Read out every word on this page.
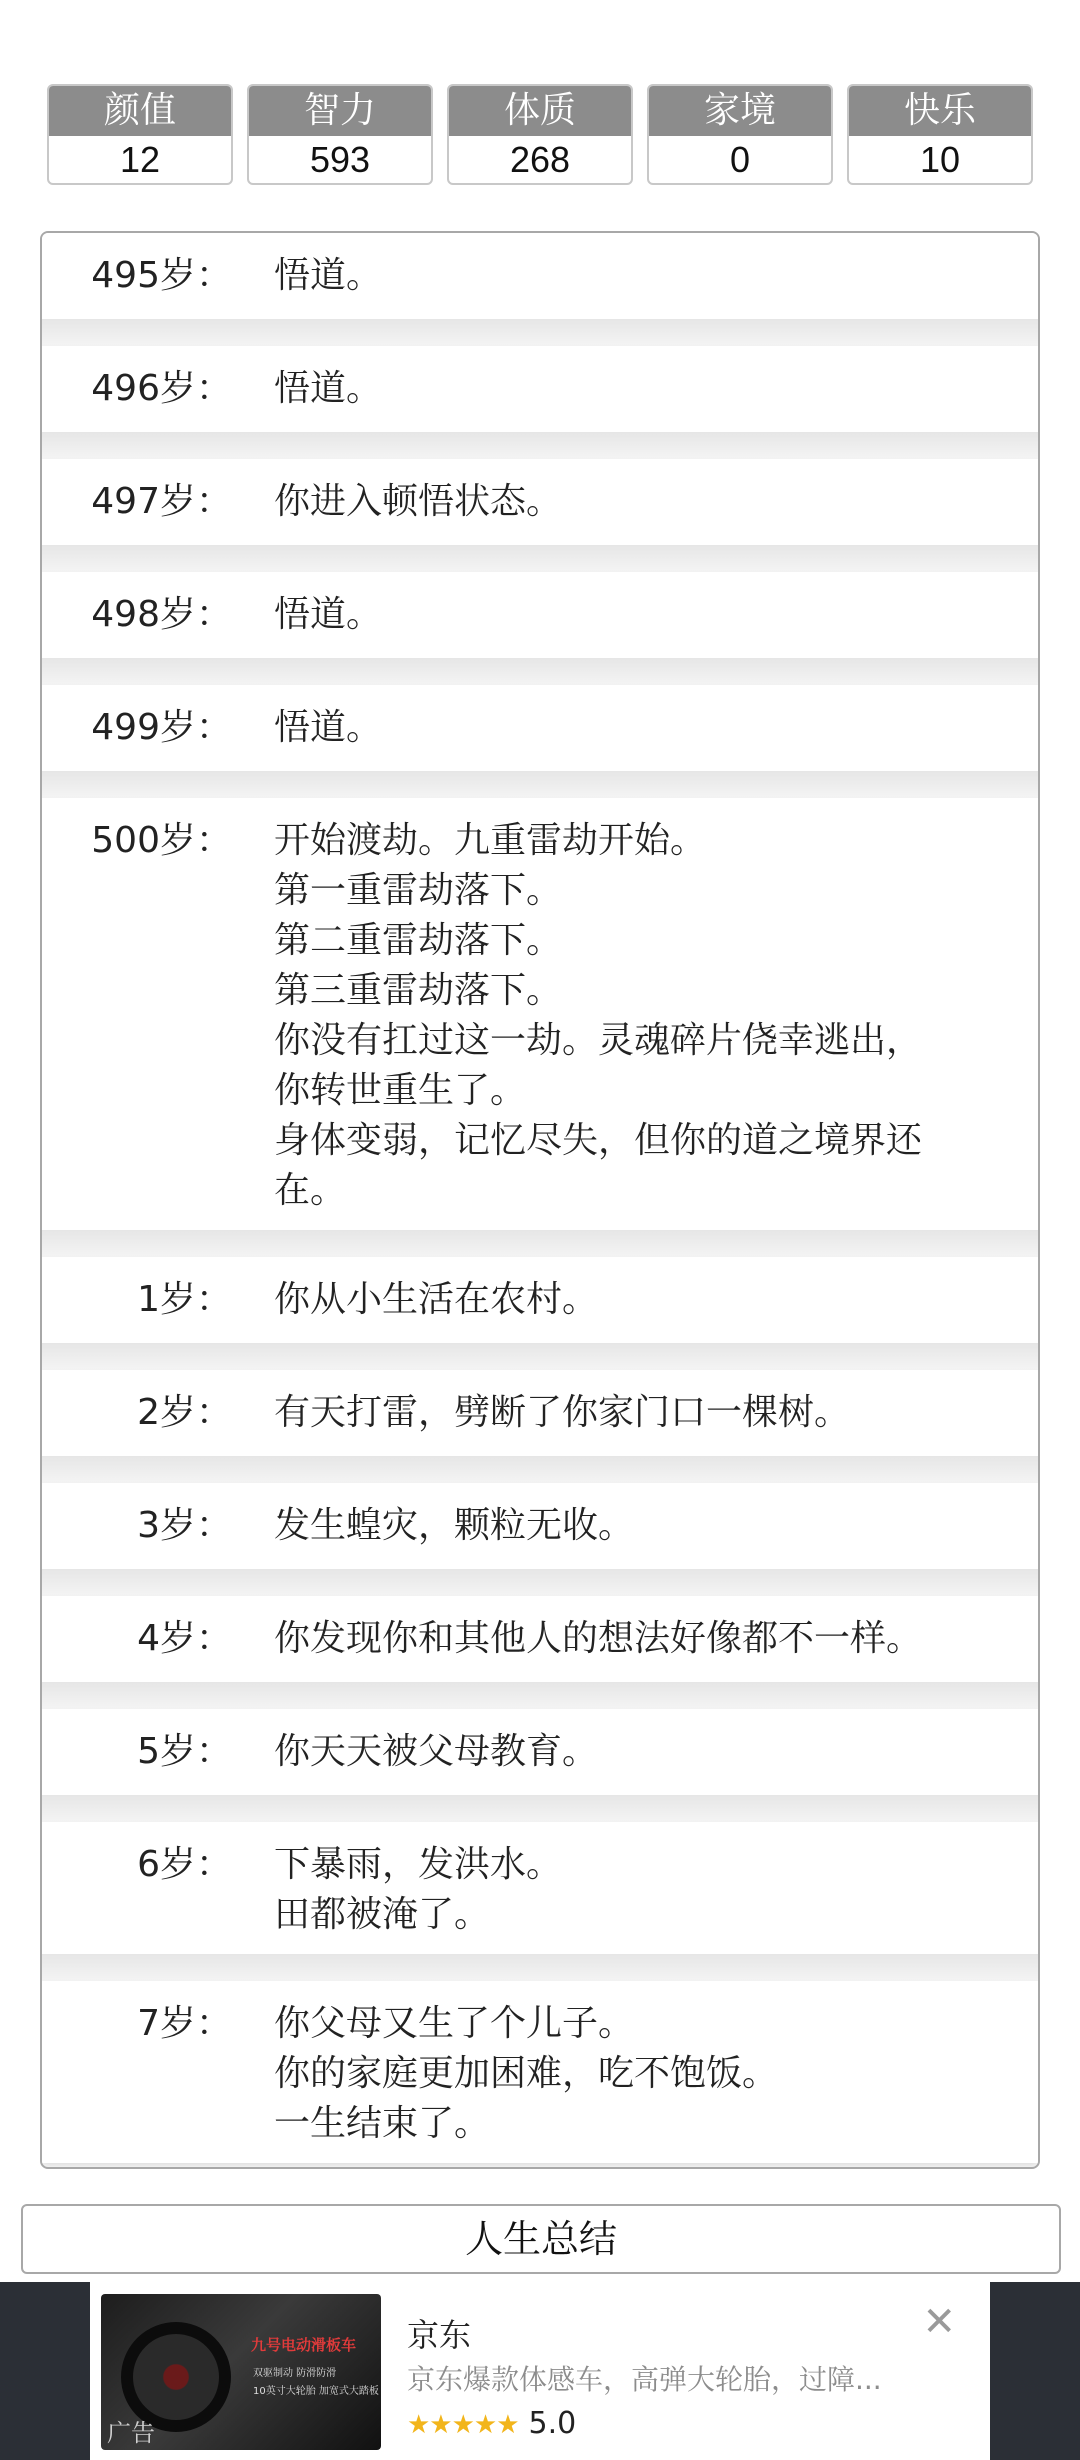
颜值
12
智力
593
体质
268
家境
0
快乐
10
495岁： 悟道。
496岁： 悟道。
497岁： 你进入顿悟状态。
498岁： 悟道。
499岁： 悟道。
500岁： 开始渡劫。九重雷劫开始。
第一重雷劫落下。
第二重雷劫落下。
第三重雷劫落下。
你没有扛过这一劫。灵魂碎片侥幸逃出，
你转世重生了。
身体变弱，记忆尽失，但你的道之境界还
在。
1岁： 你从小生活在农村。
2岁： 有天打雷，劈断了你家门口一棵树。
3岁： 发生蝗灾，颗粒无收。
4岁： 你发现你和其他人的想法好像都不一样。
5岁： 你天天被父母教育。
6岁： 下暴雨，发洪水。
田都被淹了。
7岁： 你父母又生了个儿子。
你的家庭更加困难，吃不饱饭。
一生结束了。
人生总结
九号电动滑板车
双驱制动 防滑防滑
10英寸大轮胎 加宽式大踏板
广告
京东
京东爆款体感车，高弹大轮胎，过障...
★★★★★ 5.0
✕
